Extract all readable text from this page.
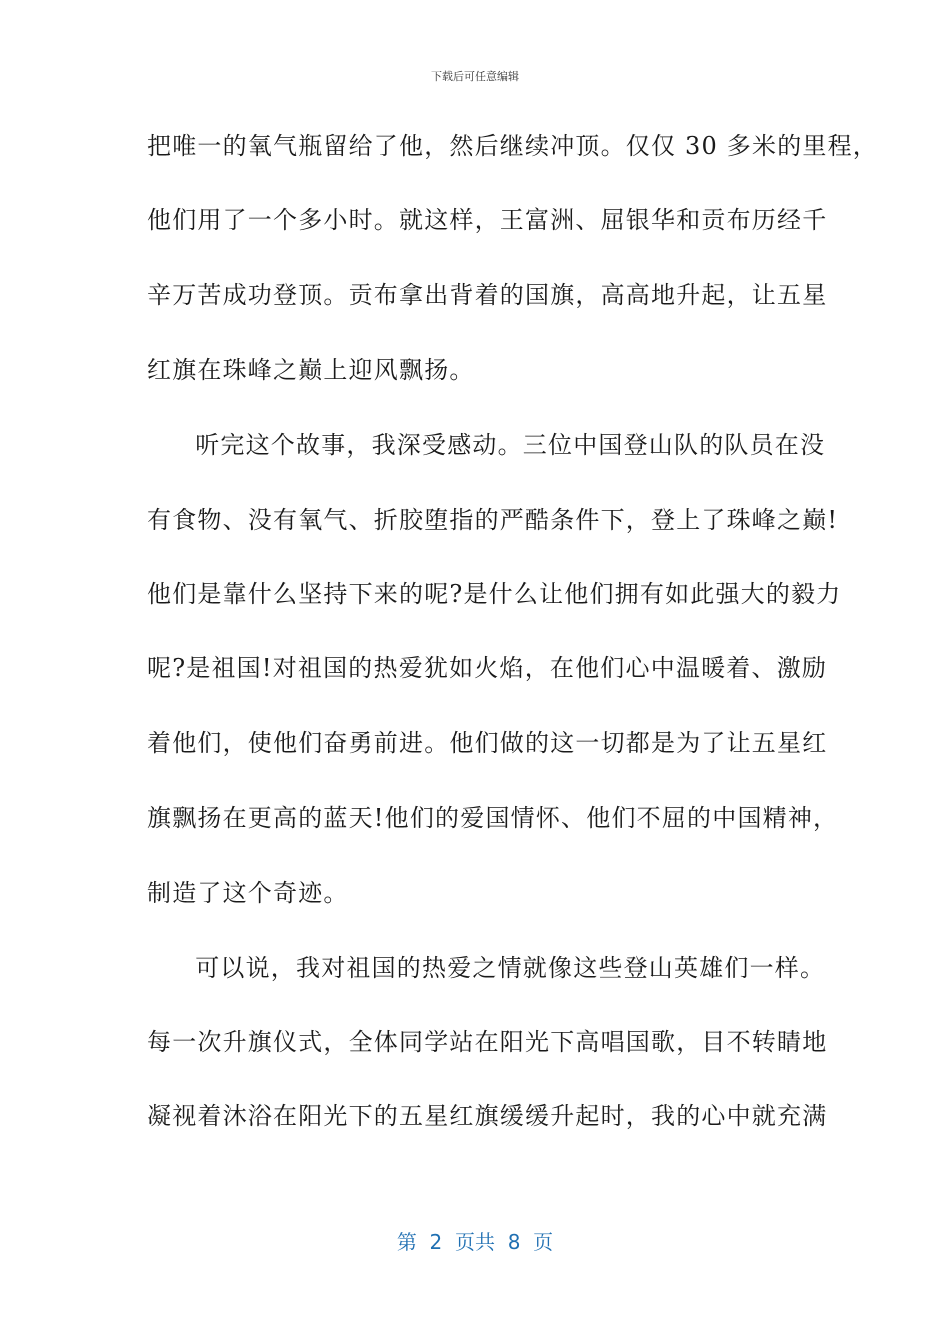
下载后可任意编辑
把唯一的氧气瓶留给了他，然后继续冲顶。仅仅 30 多米的里程，
他们用了一个多小时。就这样，王富洲、屈银华和贡布历经千
辛万苦成功登顶。贡布拿出背着的国旗，高高地升起，让五星
红旗在珠峰之巅上迎风飘扬。
　听完这个故事，我深受感动。三位中国登山队的队员在没
有食物、没有氧气、折胶堕指的严酷条件下，登上了珠峰之巅!
他们是靠什么坚持下来的呢?是什么让他们拥有如此强大的毅力
呢?是祖国!对祖国的热爱犹如火焰，在他们心中温暖着、激励
着他们，使他们奋勇前进。他们做的这一切都是为了让五星红
旗飘扬在更高的蓝天!他们的爱国情怀、他们不屈的中国精神，
制造了这个奇迹。
　可以说，我对祖国的热爱之情就像这些登山英雄们一样。
每一次升旗仪式，全体同学站在阳光下高唱国歌，目不转睛地
凝视着沐浴在阳光下的五星红旗缓缓升起时，我的心中就充满
第  2  页共  8  页
